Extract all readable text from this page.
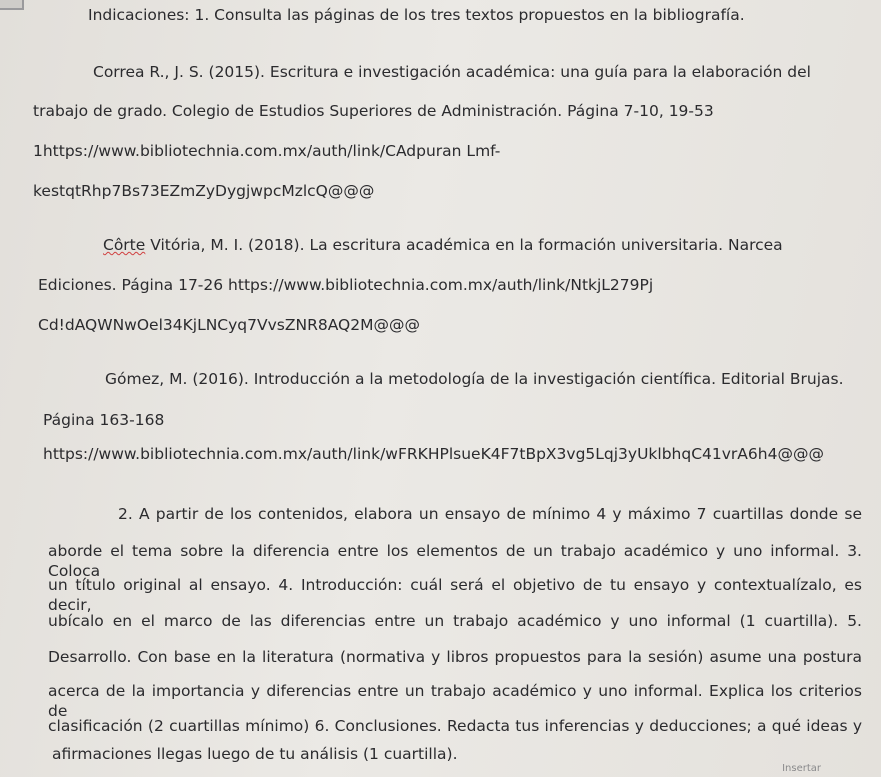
Indicaciones: 1. Consulta las páginas de los tres textos propuestos en la bibliografía.
Correa R., J. S. (2015). Escritura e investigación académica: una guía para la elaboración del
trabajo de grado. Colegio de Estudios Superiores de Administración. Página 7-10, 19-53
1https://www.bibliotechnia.com.mx/auth/link/CAdpuran Lmf-
kestqtRhp7Bs73EZmZyDygjwpcMzlcQ@@@
Côrte Vitória, M. I. (2018). La escritura académica en la formación universitaria. Narcea
Ediciones. Página 17-26 https://www.bibliotechnia.com.mx/auth/link/NtkjL279Pj
Cd!dAQWNwOel34KjLNCyq7VvsZNR8AQ2M@@@
Gómez, M. (2016). Introducción a la metodología de la investigación científica. Editorial Brujas.
Página 163-168
https://www.bibliotechnia.com.mx/auth/link/wFRKHPlsueK4F7tBpX3vg5Lqj3yUklbhqC41vrA6h4@@@
2. A partir de los contenidos, elabora un ensayo de mínimo 4 y máximo 7 cuartillas donde se
aborde el tema sobre la diferencia entre los elementos de un trabajo académico y uno informal. 3. Coloca
un título original al ensayo. 4. Introducción: cuál será el objetivo de tu ensayo y contextualízalo, es decir,
ubícalo en el marco de las diferencias entre un trabajo académico y uno informal (1 cuartilla). 5.
Desarrollo. Con base en la literatura (normativa y libros propuestos para la sesión) asume una postura
acerca de la importancia y diferencias entre un trabajo académico y uno informal. Explica los criterios de
clasificación (2 cuartillas mínimo) 6. Conclusiones. Redacta tus inferencias y deducciones; a qué ideas y
afirmaciones llegas luego de tu análisis (1 cuartilla).
Insertar
